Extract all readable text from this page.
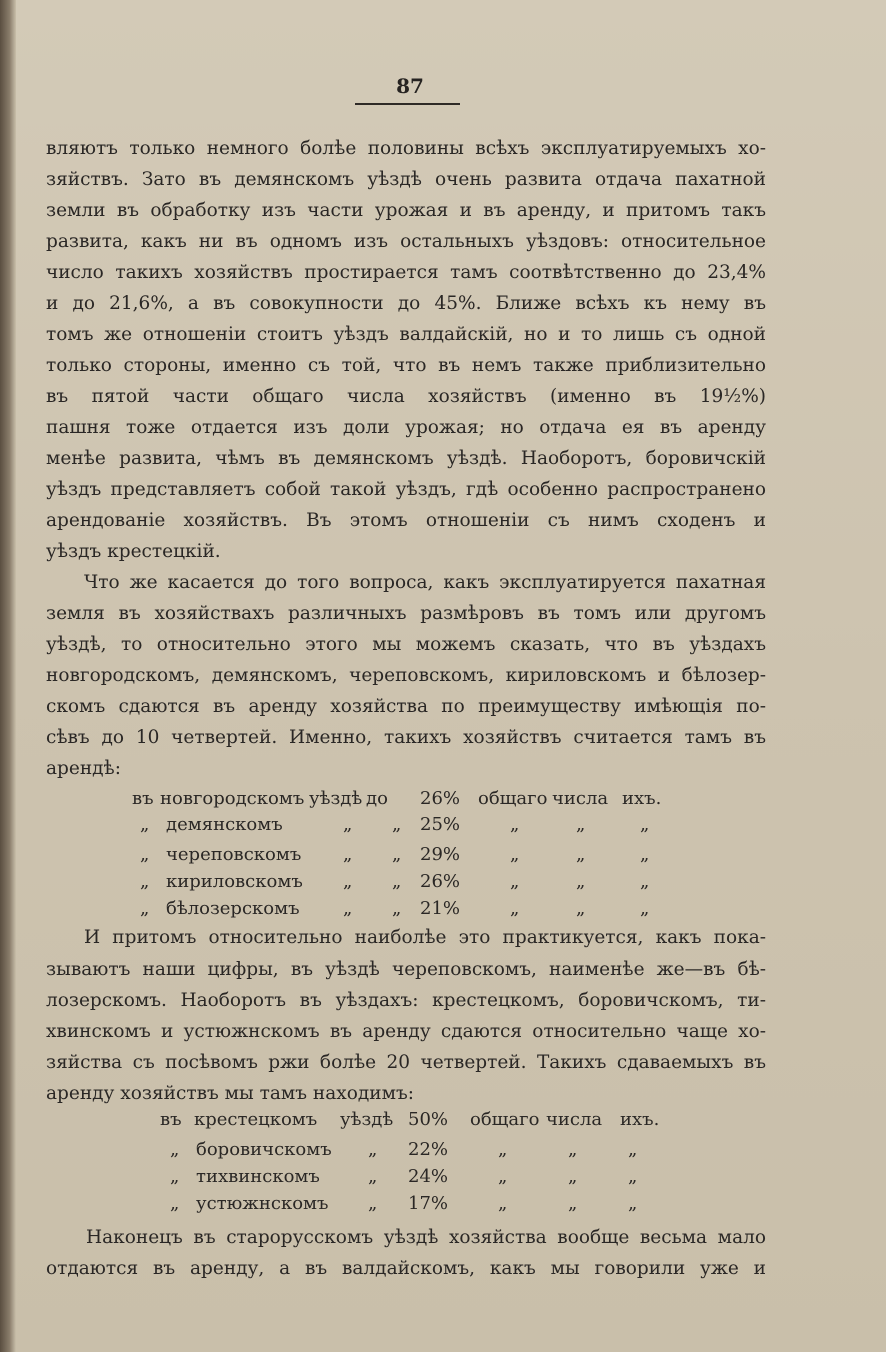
87
вляютъ только немного болѣе половины всѣхъ эксплуатируемыхъ хо-
зяйствъ. Зато въ демянскомъ уѣздѣ очень развита отдача пахатной
земли въ обработку изъ части урожая и въ аренду, и притомъ такъ
развита, какъ ни въ одномъ изъ остальныхъ уѣздовъ: относительное
число такихъ хозяйствъ простирается тамъ соотвѣтственно до 23,4%
и до 21,6%, а въ совокупности до 45%. Ближе всѣхъ къ нему въ
томъ же отношеніи стоитъ уѣздъ валдайскій, но и то лишь съ одной
только стороны, именно съ той, что въ немъ также приблизительно
въ пятой части общаго числа хозяйствъ (именно въ 19½%)
пашня тоже отдается изъ доли урожая; но отдача ея въ аренду
менѣе развита, чѣмъ въ демянскомъ уѣздѣ. Наоборотъ, боровичскій
уѣздъ представляетъ собой такой уѣздъ, гдѣ особенно распространено
арендованіе хозяйствъ. Въ этомъ отношеніи съ нимъ сходенъ и
уѣздъ крестецкій.
Что же касается до того вопроса, какъ эксплуатируется пахатная
земля въ хозяйствахъ различныхъ размѣровъ въ томъ или другомъ
уѣздѣ, то относительно этого мы можемъ сказать, что въ уѣздахъ
новгородскомъ, демянскомъ, череповскомъ, кириловскомъ и бѣлозер-
скомъ сдаются въ аренду хозяйства по преимуществу имѣющія по-
сѣвъ до 10 четвертей. Именно, такихъ хозяйствъ считается тамъ въ
арендѣ:
въ новгородскомъ уѣздѣ до 26% общаго числа ихъ.
„ демянскомъ	„ „ 25%	„	„	„
„ череповскомъ „ „ 29%	„	„	„
„ кириловскомъ „ „ 26%	„	„	„
„ бѣлозерскомъ „ „ 21%	„	„	„
И притомъ относительно наиболѣе это практикуется, какъ пока-
зываютъ наши цифры, въ уѣздѣ череповскомъ, наименѣе же—въ бѣ-
лозерскомъ. Наоборотъ въ уѣздахъ: крестецкомъ, боровичскомъ, ти-
хвинскомъ и устюжнскомъ въ аренду сдаются относительно чаще хо-
зяйства съ посѣвомъ ржи болѣе 20 четвертей. Такихъ сдаваемыхъ въ
аренду хозяйствъ мы тамъ находимъ:
въ крестецкомъ уѣздѣ 50% общаго числа ихъ.
„ боровичскомъ „ 22%	„	„	„
„ тихвинскомъ	„ 24%	„	„	„
„ устюжнскомъ „ 17%	„	„	„
Наконецъ въ старорусскомъ уѣздѣ хозяйства вообще весьма мало
отдаются въ аренду, а въ валдайскомъ, какъ мы говорили уже и
